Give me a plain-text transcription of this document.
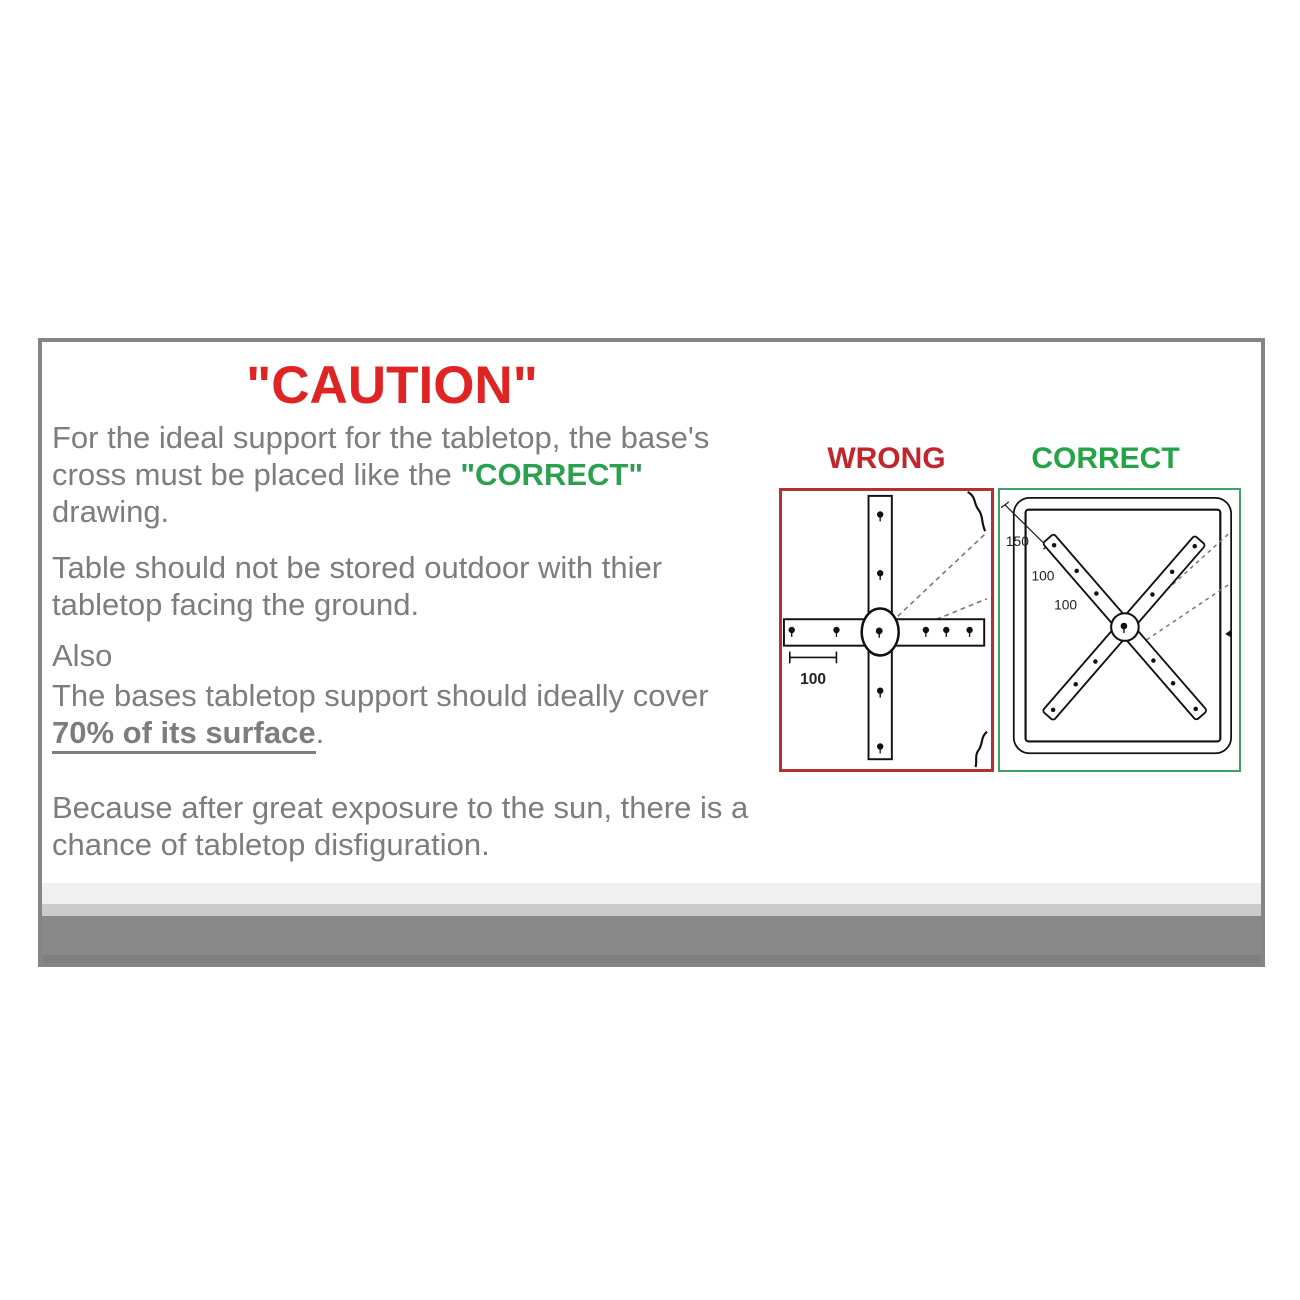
"CAUTION"
For the ideal support for the tabletop, the base's
cross must be placed like the "CORRECT"
drawing.
Table should not be stored outdoor with thier
tabletop facing the ground.
Also
The bases tabletop support should ideally cover
70% of its surface.
Because after great exposure to the sun, there is a
chance of tabletop disfiguration.
WRONG	CORRECT
100
150
100
100
